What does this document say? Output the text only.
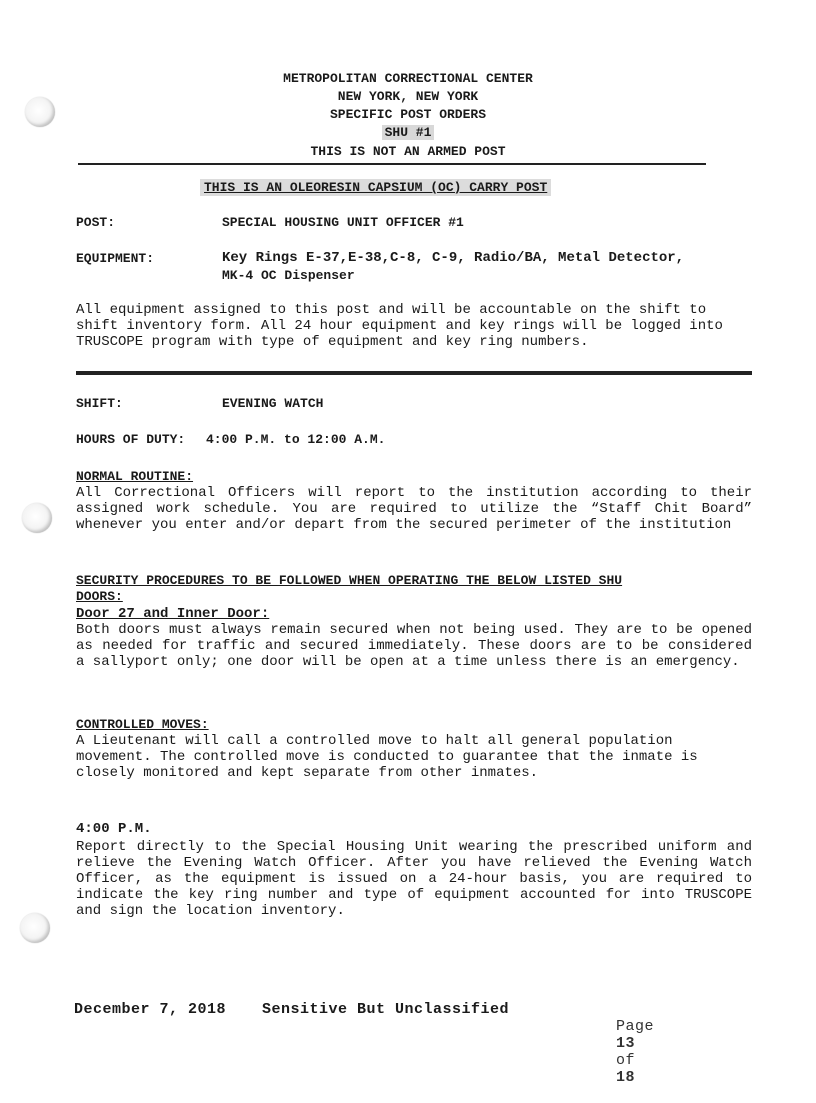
METROPOLITAN CORRECTIONAL CENTER
NEW YORK, NEW YORK
SPECIFIC POST ORDERS
SHU #1
THIS IS NOT AN ARMED POST
THIS IS AN OLEORESIN CAPSIUM (OC) CARRY POST
POST:	SPECIAL HOUSING UNIT OFFICER #1
EQUIPMENT:	Key Rings E-37,E-38,C-8, C-9, Radio/BA, Metal Detector,
MK-4 OC Dispenser
All equipment assigned to this post and will be accountable on the shift to shift inventory form. All 24 hour equipment and key rings will be logged into TRUSCOPE program with type of equipment and key ring numbers.
SHIFT:	EVENING WATCH
HOURS OF DUTY: 4:00 P.M. to 12:00 A.M.
NORMAL ROUTINE:
All Correctional Officers will report to the institution according to their assigned work schedule. You are required to utilize the “Staff Chit Board” whenever you enter and/or depart from the secured perimeter of the institution
SECURITY PROCEDURES TO BE FOLLOWED WHEN OPERATING THE BELOW LISTED SHU
DOORS:
Door 27 and Inner Door:
Both doors must always remain secured when not being used. They are to be opened as needed for traffic and secured immediately. These doors are to be considered a sallyport only; one door will be open at a time unless there is an emergency.
CONTROLLED MOVES:
A Lieutenant will call a controlled move to halt all general population movement. The controlled move is conducted to guarantee that the inmate is closely monitored and kept separate from other inmates.
4:00 P.M.
Report directly to the Special Housing Unit wearing the prescribed uniform and relieve the Evening Watch Officer. After you have relieved the Evening Watch Officer, as the equipment is issued on a 24-hour basis, you are required to indicate the key ring number and type of equipment accounted for into TRUSCOPE and sign the location inventory.
December 7, 2018 Sensitive But Unclassified

Page
13
of
18
